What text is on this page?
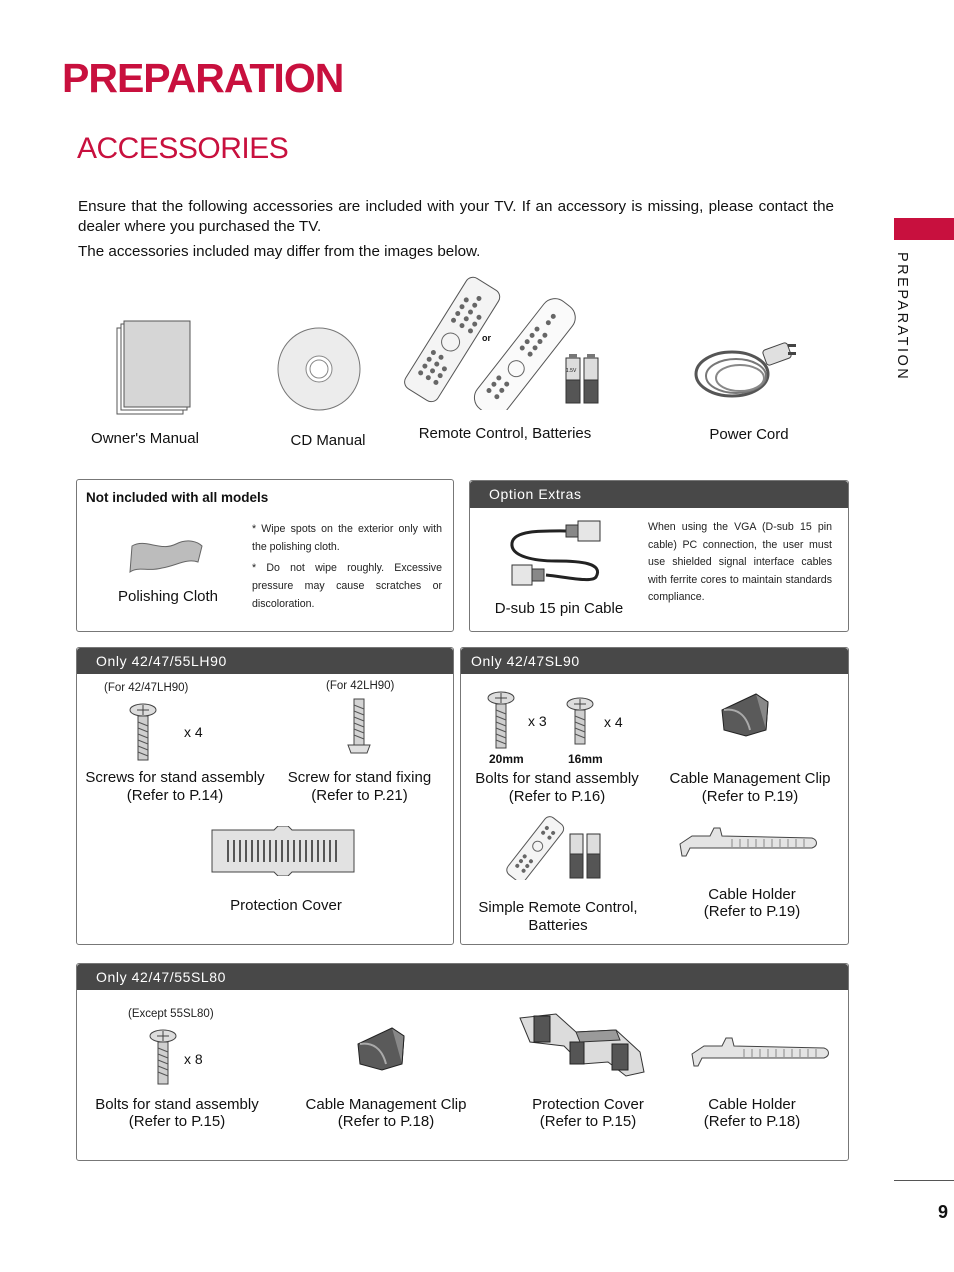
PREPARATION
ACCESSORIES
Ensure that the following accessories are included with your TV. If an accessory is missing, please contact the dealer where you purchased the TV.
The accessories included may differ from the images below.
PREPARATION
Owner's Manual	CD Manual
or
1.5V
Remote Control, Batteries	Power Cord
Not included with all models
Polishing Cloth
* Wipe spots on the exterior only with the polishing cloth.
* Do not wipe roughly. Excessive pressure may cause scratches or discoloration.
Option Extras
D-sub 15 pin Cable
When using the VGA (D-sub 15 pin cable) PC connection, the user must use shielded signal interface cables with ferrite cores to maintain standards compliance.
Only 42/47/55LH90
(For 42/47LH90)
x 4
Screws for stand assembly
(Refer to P.14)
(For 42LH90)
Screw for stand fixing
(Refer to P.21)
Protection Cover
Only 42/47SL90
x 3	x 4
20mm	16mm
Bolts for stand assembly
(Refer to P.16)
Cable Management Clip
(Refer to P.19)
Simple Remote Control,
Batteries
Cable Holder
(Refer to P.19)
Only 42/47/55SL80
(Except 55SL80)
x 8
Bolts for stand assembly
(Refer to P.15)
Cable Management Clip
(Refer to P.18)
Protection Cover
(Refer to P.15)
Cable Holder
(Refer to P.18)
9
